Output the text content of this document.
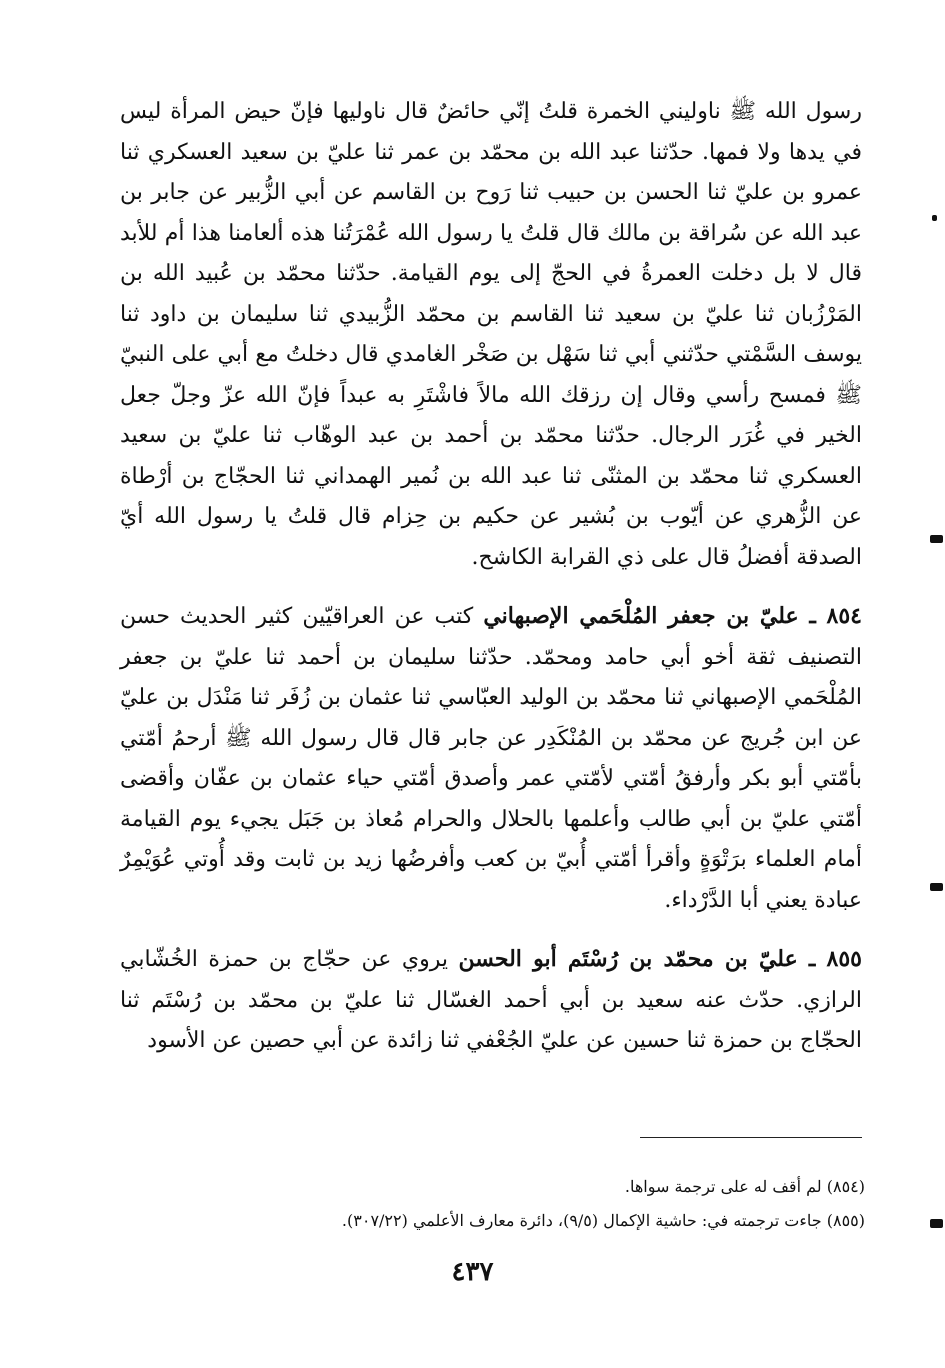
رسول الله ﷺ ناوليني الخمرة قلتُ إنّي حائضٌ قال ناوليها فإنّ حيض المرأة ليس في يدها ولا فمها. حدّثنا عبد الله بن محمّد بن عمر ثنا عليّ بن سعيد العسكري ثنا عمرو بن عليّ ثنا الحسن بن حبيب ثنا رَوح بن القاسم عن أبي الزُّبير عن جابر بن عبد الله عن سُراقة بن مالك قال قلتُ يا رسول الله عُمْرَتُنا هذه ألعامنا هذا أم للأبد قال لا بل دخلت العمرةُ في الحجّ إلى يوم القيامة. حدّثنا محمّد بن عُبيد الله بن المَرْزُبان ثنا عليّ بن سعيد ثنا القاسم بن محمّد الزُّبيدي ثنا سليمان بن داود ثنا يوسف السَّمْتي حدّثني أبي ثنا سَهْل بن صَخْر الغامدي قال دخلتُ مع أبي على النبيّ ﷺ فمسح رأسي وقال إن رزقك الله مالاً فاشْتَرِ به عبداً فإنّ الله عزّ وجلّ جعل الخير في غُرَر الرجال. حدّثنا محمّد بن أحمد بن عبد الوهّاب ثنا عليّ بن سعيد العسكري ثنا محمّد بن المثنّى ثنا عبد الله بن نُمير الهمداني ثنا الحجّاج بن أرْطاة عن الزُّهري عن أيّوب بن بُشير عن حكيم بن حِزام قال قلتُ يا رسول الله أيّ الصدقة أفضلُ قال على ذي القرابة الكاشح.

٨٥٤ ـ عليّ بن جعفر المُلْحَمي الإصبهاني كتب عن العراقيّين كثير الحديث حسن التصنيف ثقة أخو أبي حامد ومحمّد. حدّثنا سليمان بن أحمد ثنا عليّ بن جعفر المُلْحَمي الإصبهاني ثنا محمّد بن الوليد العبّاسي ثنا عثمان بن زُفَر ثنا مَنْدَل بن عليّ عن ابن جُريج عن محمّد بن المُنْكَدِر عن جابر قال قال رسول الله ﷺ أرحمُ أمّتي بأمّتي أبو بكر وأرفقُ أمّتي لأمّتي عمر وأصدق أمّتي حياء عثمان بن عفّان وأقضى أمّتي عليّ بن أبي طالب وأعلمها بالحلال والحرام مُعاذ بن جَبَل يجيء يوم القيامة أمام العلماء برَتْوَةٍ وأقرأ أمّتي أُبيّ بن كعب وأفرضُها زيد بن ثابت وقد أُوتي عُوَيْمِرٌ عبادة يعني أبا الدَّرْداء.

٨٥٥ ـ عليّ بن محمّد بن رُسْتَم أبو الحسن يروي عن حجّاج بن حمزة الخُشّابي الرازي. حدّث عنه سعيد بن أبي أحمد الغسّال ثنا عليّ بن محمّد بن رُسْتَم ثنا الحجّاج بن حمزة ثنا حسين عن عليّ الجُعْفي ثنا زائدة عن أبي حصين عن الأسود

(٨٥٤) لم أقف له على ترجمة سواها.

(٨٥٥) جاءت ترجمته في: حاشية الإكمال (٩/٥)، دائرة معارف الأعلمي (٣٠٧/٢٢).

٤٣٧
